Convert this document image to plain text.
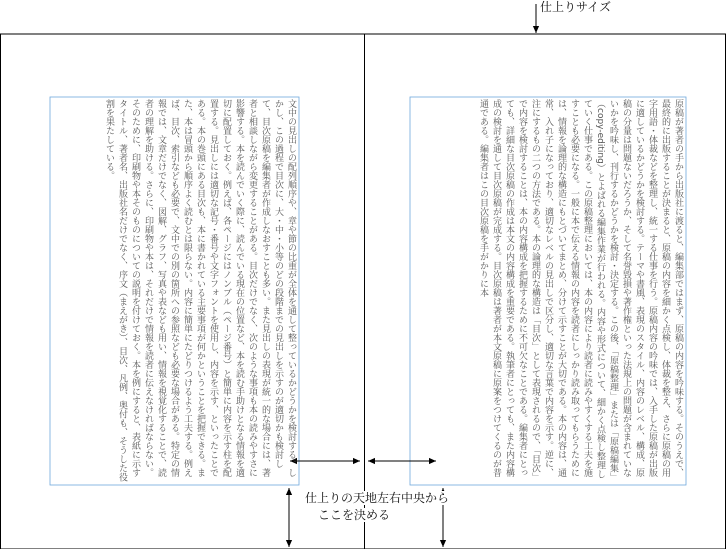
仕上りサイズ
原稿が著者の手から出版社に渡ると、編集部ではまず、原稿の内容を吟味する。そのうえで、最終的に出版することが決まると、原稿の内容を細かく点検し、体裁を整え、さらに原稿の用字用語・体裁などを整理し、統一する仕事を行う。原稿内容の吟味では、入手した原稿が出版に適しているかどうかを検討する。テーマや書風、表現のスタイル、内容のレベル、構成、原稿の分量は問題ないだろうか、そして名誉毀損や著作権といった法規上の問題が含まれていないかを吟味し、刊行するかどうかを検討・決定する。この後、「原稿整理」または「原稿編集」（copy-editing）とよばれる編集作業が行われる。内容や形式について、細かく点検し整理していく仕事である。この原稿整理においては、本の内容により読者に読みやすくする工夫を施すことも必要になる。一般に本で伝える情報の内容を読者にしっかり読み取ってもらうためには、情報を論理的な構造にもとづいてまとめ、分けて示すことが大切である。本の内容は、通常、入れ子になっており、適切なレベルの見出しで区分し、適切な言葉で内容を示す。逆に、注にするもの二つの方法である。本の論理的な構造は「目次」として表現されるので、「目次」で内容を検討することは、本の内容構成を把握するために不可欠なことである。編集者にとっても、詳細な目次原稿の作成は本文の内容構成を重要である。執筆者にとっても、また内容構成の検討を通して目次原稿が完成する。目次原稿は著者が本文原稿に原案をつけてくるのが普通である。編集者はこの目次原稿を手がかりに本
文中の見出しの配列順序や、章や節の比重が全体を通して整っているかどうかを検討する。しかし、この過程で目次に、大・中・小等のどの段階までの見出しを示すのが適切かも検討して、目次原稿を編集者が作成しなおすことも多い。また見出しの表現が統一的な場合には、著者と相談しながら変更することがある。目次だけでなく、次のような事項も本の読みやすさに影響する。本を読んでいく際に、読んでいる現在の位置など、本を読む手助けとなる情報を適切に配置しておく。例えば、各ページにはノンブル（ページ番号）と簡単に内容を示す柱を配置する。見出しには適切な記号・番号や文字フォントを使用し、内容を示す、といったことである。本の巻頭にある目次も、本に書かれている主要事項が何かということを把握できる。また、本は冒頭から順序よく読むとは限らない。内容に簡単にたどりつけるよう工夫する。例えば、目次、索引なども必要で、文中での別の箇所への参照なども必要な場合がある。特定の情報では、文章だけでなく、図解、グラフ、写真や表なども用い、情報を視覚化することで、読者の理解を助ける。さらに、印刷物や本は、それだけで情報を読者に伝えなければならない。そのために、印刷物や本そのものについての説明を付けておく。本を例にすると、表紙に示すタイトル、著者名、出版社名だけでなく、序文（まえがき）、目次、凡例、奥付も、そうした役割を果たしている。
仕上りの天地左右中央から
ここを決める
